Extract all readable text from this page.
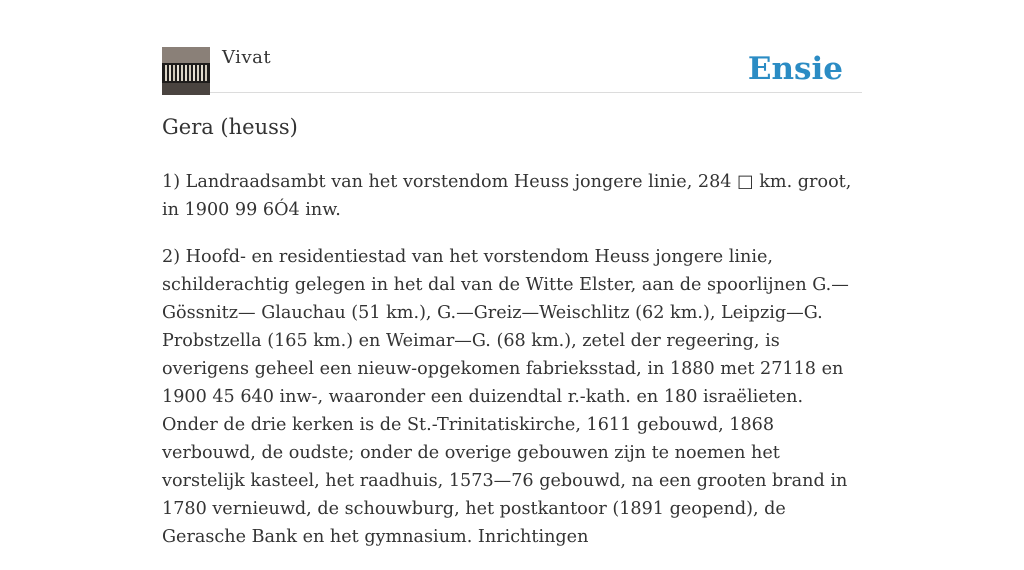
Vivat	Ensie
Gera (heuss)

1) Landraadsambt van het vorstendom Heuss jongere linie, 284 □ km. groot, in 1900 99 6Ó4 inw.

2) Hoofd- en residentiestad van het vorstendom Heuss jongere linie, schilderachtig gelegen in het dal van de Witte Elster, aan de spoorlijnen G.—Gössnitz— Glauchau (51 km.), G.—Greiz—Weischlitz (62 km.), Leipzig—G. Probstzella (165 km.) en Weimar—G. (68 km.), zetel der regeering, is overigens geheel een nieuw-opgekomen fabrieksstad, in 1880 met 27118 en 1900 45 640 inw-, waaronder een duizendtal r.-kath. en 180 israëlieten. Onder de drie kerken is de St.-Trinitatiskirche, 1611 gebouwd, 1868 verbouwd, de oudste; onder de overige gebouwen zijn te noemen het vorstelijk kasteel, het raadhuis, 1573—76 gebouwd, na een grooten brand in 1780 vernieuwd, de schouwburg, het postkantoor (1891 geopend), de Gerasche Bank en het gymnasium. Inrichtingen
